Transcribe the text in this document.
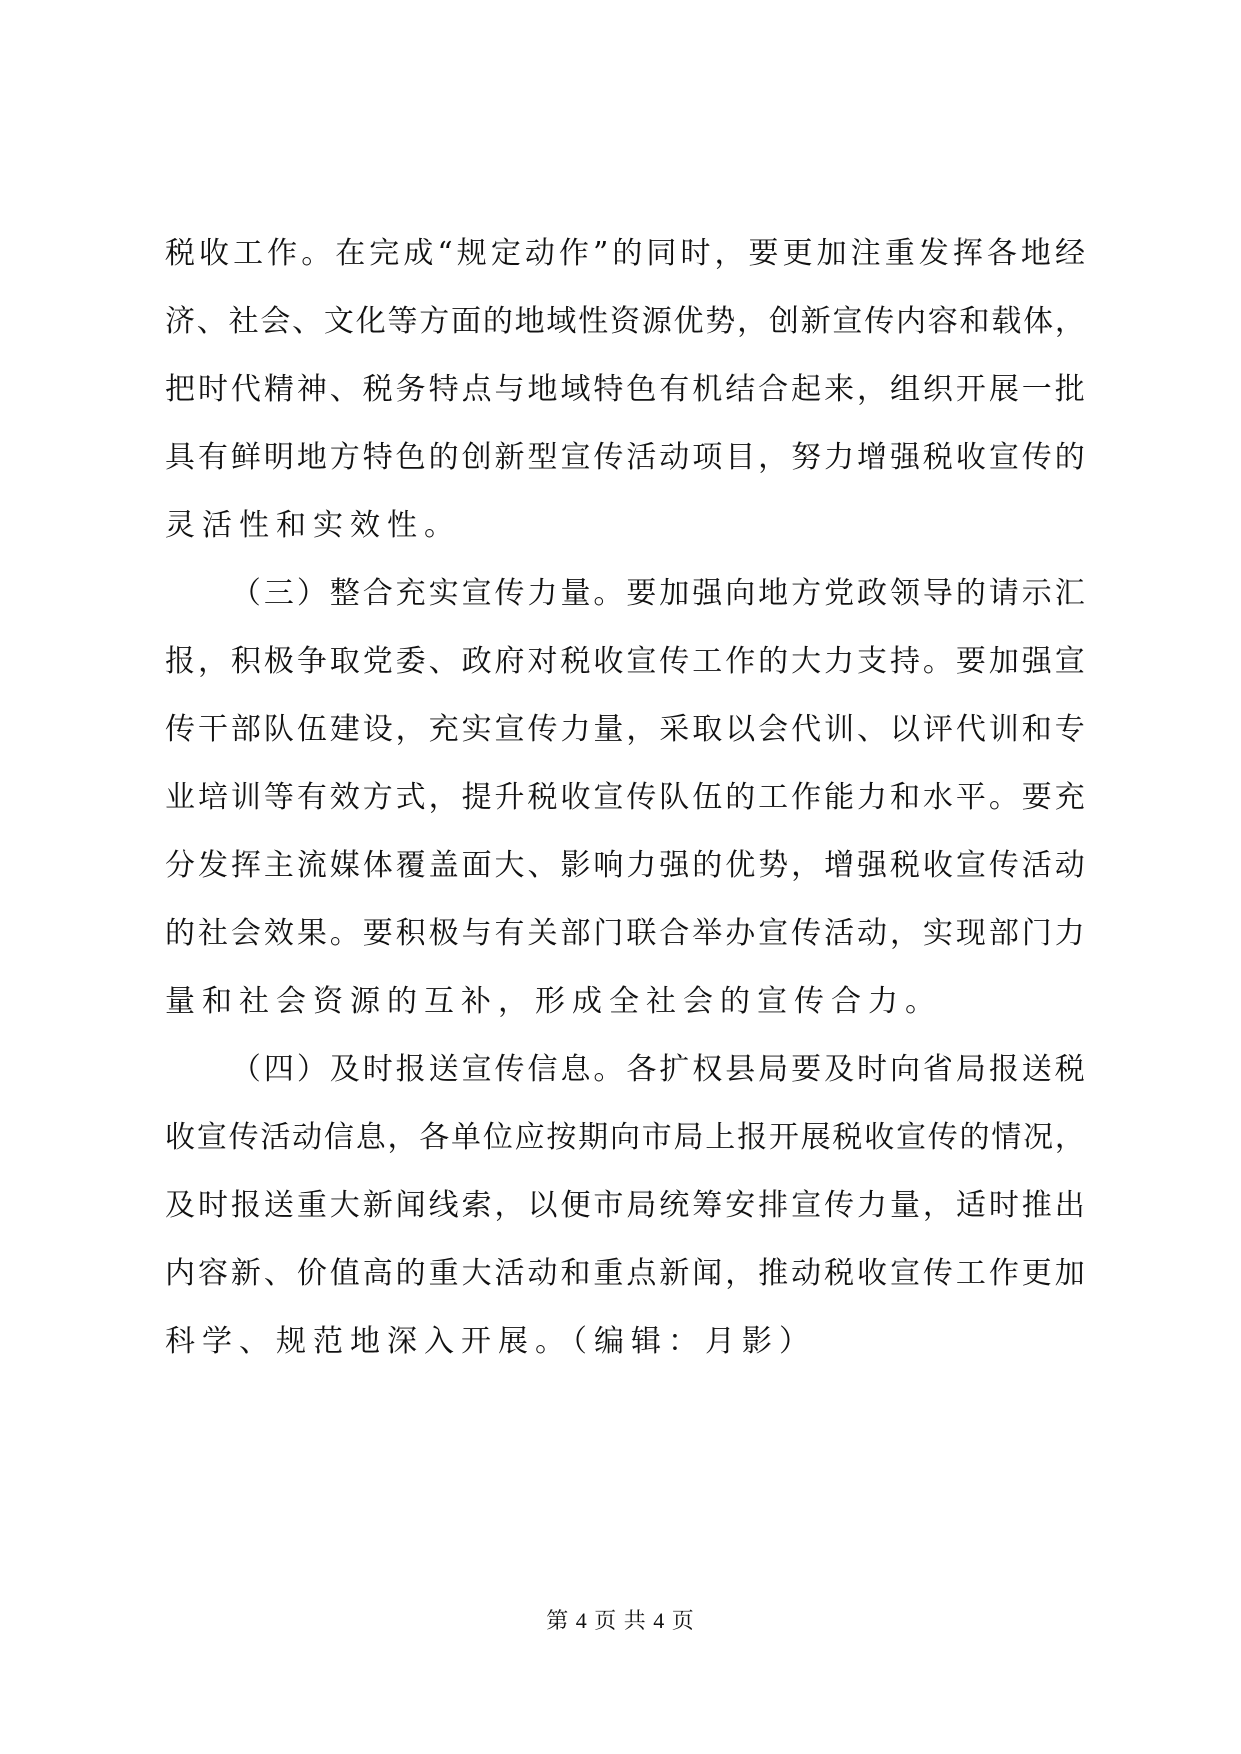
税 收 工 作 。 在 完 成 “ 规 定 动 作 ” 的 同 时 ， 要 更 加 注 重 发 挥 各 地 经
济 、 社 会 、 文 化 等 方 面 的 地 域 性 资 源 优 势 ， 创 新 宣 传 内 容 和 载 体 ，
把 时 代 精 神 、 税 务 特 点 与 地 域 特 色 有 机 结 合 起 来 ， 组 织 开 展 一 批
具 有 鲜 明 地 方 特 色 的 创 新 型 宣 传 活 动 项 目 ， 努 力 增 强 税 收 宣 传 的
灵活性和实效性。

（ 三 ） 整 合 充 实 宣 传 力 量 。 要 加 强 向 地 方 党 政 领 导 的 请 示 汇
报 ， 积 极 争 取 党 委 、 政 府 对 税 收 宣 传 工 作 的 大 力 支 持 。 要 加 强 宣
传 干 部 队 伍 建 设 ， 充 实 宣 传 力 量 ， 采 取 以 会 代 训 、 以 评 代 训 和 专
业 培 训 等 有 效 方 式 ， 提 升 税 收 宣 传 队 伍 的 工 作 能 力 和 水 平 。 要 充
分 发 挥 主 流 媒 体 覆 盖 面 大 、 影 响 力 强 的 优 势 ， 增 强 税 收 宣 传 活 动
的 社 会 效 果 。 要 积 极 与 有 关 部 门 联 合 举 办 宣 传 活 动 ， 实 现 部 门 力
量和社会资源的互补，形成全社会的宣传合力。

（ 四 ） 及 时 报 送 宣 传 信 息 。 各 扩 权 县 局 要 及 时 向 省 局 报 送 税
收 宣 传 活 动 信 息 ， 各 单 位 应 按 期 向 市 局 上 报 开 展 税 收 宣 传 的 情 况 ，
及 时 报 送 重 大 新 闻 线 索 ， 以 便 市 局 统 筹 安 排 宣 传 力 量 ， 适 时 推 出
内 容 新 、 价 值 高 的 重 大 活 动 和 重 点 新 闻 ， 推 动 税 收 宣 传 工 作 更 加
科学、规范地深入开展。（编辑：月影）
第 4 页 共 4 页
